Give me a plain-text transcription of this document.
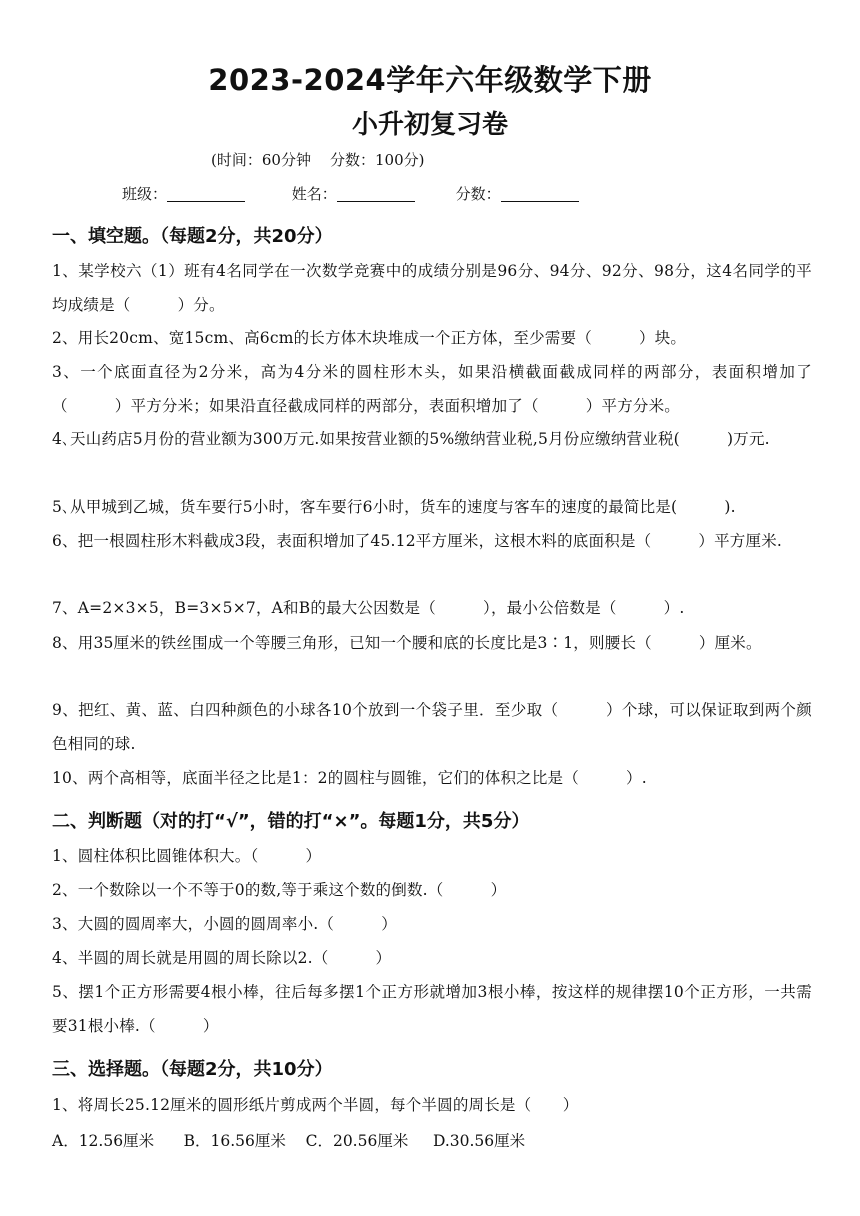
2023-2024学年六年级数学下册
小升初复习卷
(时间：60分钟    分数：100分)
班级：	姓名：	分数：
一、填空题。（每题2分，共20分）
1、某学校六（1）班有4名同学在一次数学竞赛中的成绩分别是96分、94分、92分、98分，这4名同学的平均成绩是（　　　）分。
2、用长20cm、宽15cm、高6cm的长方体木块堆成一个正方体，至少需要（　　　）块。
3、一个底面直径为2分米，高为4分米的圆柱形木头，如果沿横截面截成同样的两部分，表面积增加了（　　　）平方分米；如果沿直径截成同样的两部分，表面积增加了（　　　）平方分米。
4､天山药店5月份的营业额为300万元.如果按营业额的5%缴纳营业税,5月份应缴纳营业税(　　　)万元.
5､从甲城到乙城，货车要行5小时，客车要行6小时，货车的速度与客车的速度的最简比是(　　　).
6、把一根圆柱形木料截成3段，表面积增加了45.12平方厘米，这根木料的底面积是（　　　）平方厘米.
7、A=2×3×5，B=3×5×7，A和B的最大公因数是（　　　），最小公倍数是（　　　）.
8、用35厘米的铁丝围成一个等腰三角形，已知一个腰和底的长度比是3∶1，则腰长（　　　）厘米。
9、把红、黄、蓝、白四种颜色的小球各10个放到一个袋子里．至少取（　　　）个球，可以保证取到两个颜色相同的球.
10、两个高相等，底面半径之比是1：2的圆柱与圆锥，它们的体积之比是（　　　）.
二、判断题（对的打“√”，错的打“×”。每题1分，共5分）
1、圆柱体积比圆锥体积大。（　　　）
2、一个数除以一个不等于0的数,等于乘这个数的倒数.（　　　）
3、大圆的圆周率大，小圆的圆周率小.（　　　）
4、半圆的周长就是用圆的周长除以2.（　　　）
5、摆1个正方形需要4根小棒，往后每多摆1个正方形就增加3根小棒，按这样的规律摆10个正方形，一共需要31根小棒.（　　　）
三、选择题。（每题2分，共10分）
1、将周长25.12厘米的圆形纸片剪成两个半圆，每个半圆的周长是（　　）
A．12.56厘米      B．16.56厘米    C．20.56厘米     D.30.56厘米
